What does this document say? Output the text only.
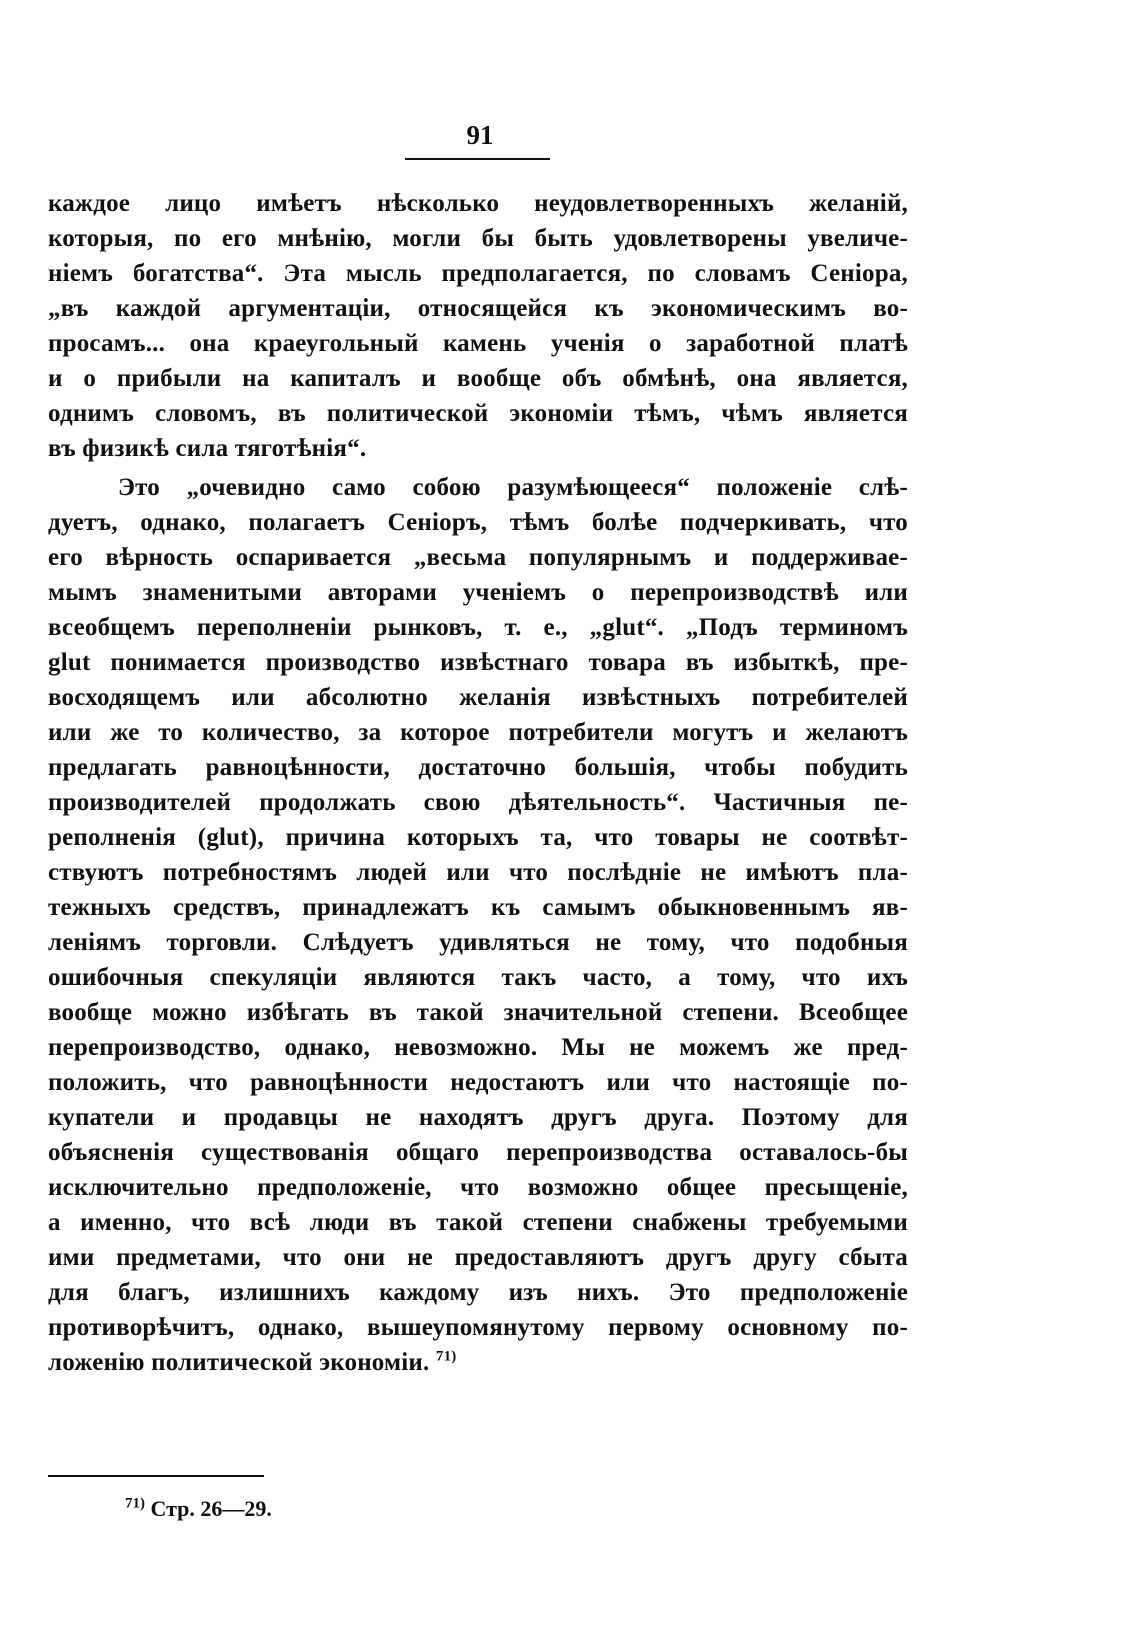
91
каждое лицо имѣетъ нѣсколько неудовлетворенныхъ желаній,
которыя, по его мнѣнію, могли бы быть удовлетворены увеличе-
ніемъ богатства“. Эта мысль предполагается, по словамъ Сеніора,
„въ каждой аргументаціи, относящейся къ экономическимъ во-
просамъ... она краеугольный камень ученія о заработной платѣ
и о прибыли на капиталъ и вообще объ обмѣнѣ, она является,
однимъ словомъ, въ политической экономіи тѣмъ, чѣмъ является
въ физикѣ сила тяготѣнія“.
Это „очевидно само собою разумѣющееся“ положеніе слѣ-
дуетъ, однако, полагаетъ Сеніоръ, тѣмъ болѣе подчеркивать, что
его вѣрность оспаривается „весьма популярнымъ и поддерживае-
мымъ знаменитыми авторами ученіемъ о перепроизводствѣ или
всеобщемъ переполненіи рынковъ, т. е., „glut“. „Подъ терминомъ
glut понимается производство извѣстнаго товара въ избыткѣ, пре-
восходящемъ или абсолютно желанія извѣстныхъ потребителей
или же то количество, за которое потребители могутъ и желаютъ
предлагать равноцѣнности, достаточно большія, чтобы побудить
производителей продолжать свою дѣятельность“. Частичныя пе-
реполненія (glut), причина которыхъ та, что товары не соотвѣт-
ствуютъ потребностямъ людей или что послѣдніе не имѣютъ пла-
тежныхъ средствъ, принадлежатъ къ самымъ обыкновеннымъ яв-
леніямъ торговли. Слѣдуетъ удивляться не тому, что подобныя
ошибочныя спекуляціи являются такъ часто, а тому, что ихъ
вообще можно избѣгать въ такой значительной степени. Всеобщее
перепроизводство, однако, невозможно. Мы не можемъ же пред-
положить, что равноцѣнности недостаютъ или что настоящіе по-
купатели и продавцы не находятъ другъ друга. Поэтому для
объясненія существованія общаго перепроизводства оставалось-бы
исключительно предположеніе, что возможно общее пресыщеніе,
а именно, что всѣ люди въ такой степени снабжены требуемыми
ими предметами, что они не предоставляютъ другъ другу сбыта
для благъ, излишнихъ каждому изъ нихъ. Это предположеніе
противорѣчитъ, однако, вышеупомянутому первому основному по-
ложенію политической экономіи. $^{71)}$
$^{71)}$ Стр. 26—29.
